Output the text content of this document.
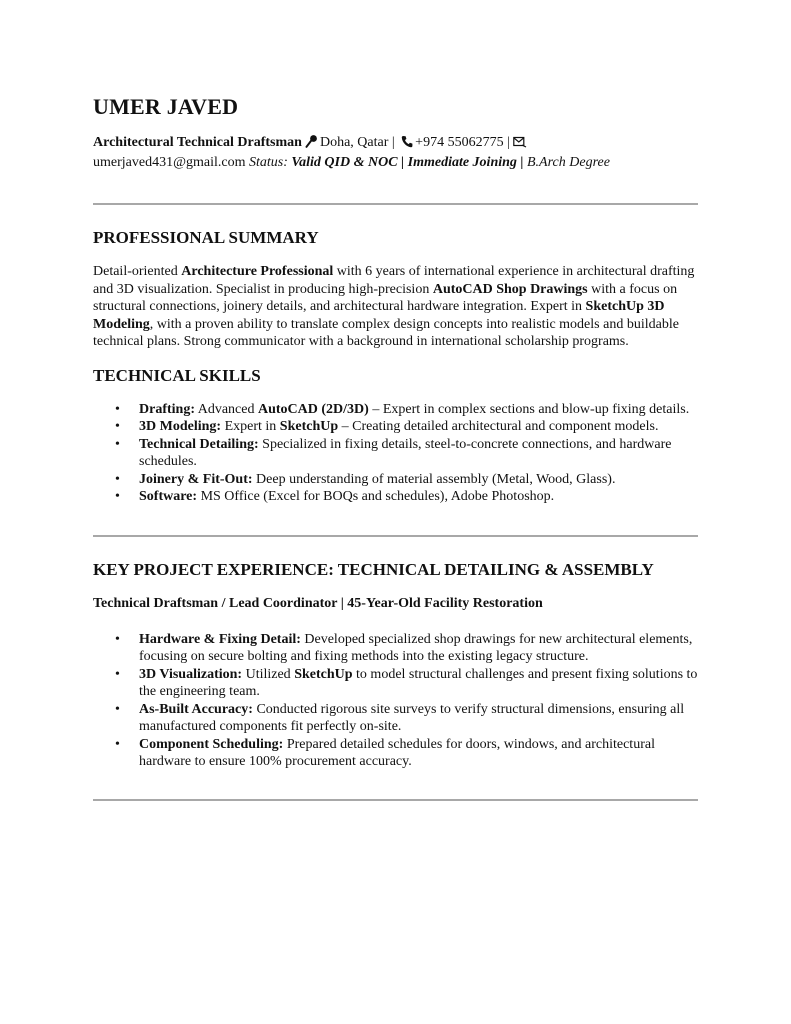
UMER JAVED
Architectural Technical Draftsman Doha, Qatar | +974 55062775 |
umerjaved431@gmail.com Status: Valid QID & NOC | Immediate Joining | B.Arch Degree
PROFESSIONAL SUMMARY
Detail-oriented Architecture Professional with 6 years of international experience in architectural drafting and 3D visualization. Specialist in producing high-precision AutoCAD Shop Drawings with a focus on structural connections, joinery details, and architectural hardware integration. Expert in SketchUp 3D Modeling, with a proven ability to translate complex design concepts into realistic models and buildable technical plans. Strong communicator with a background in international scholarship programs.
TECHNICAL SKILLS
• Drafting: Advanced AutoCAD (2D/3D) – Expert in complex sections and blow-up fixing details.
• 3D Modeling: Expert in SketchUp – Creating detailed architectural and component models.
• Technical Detailing: Specialized in fixing details, steel-to-concrete connections, and hardware schedules.
• Joinery & Fit-Out: Deep understanding of material assembly (Metal, Wood, Glass).
• Software: MS Office (Excel for BOQs and schedules), Adobe Photoshop.
KEY PROJECT EXPERIENCE: TECHNICAL DETAILING & ASSEMBLY
Technical Draftsman / Lead Coordinator | 45-Year-Old Facility Restoration
• Hardware & Fixing Detail: Developed specialized shop drawings for new architectural elements, focusing on secure bolting and fixing methods into the existing legacy structure.
• 3D Visualization: Utilized SketchUp to model structural challenges and present fixing solutions to the engineering team.
• As-Built Accuracy: Conducted rigorous site surveys to verify structural dimensions, ensuring all manufactured components fit perfectly on-site.
• Component Scheduling: Prepared detailed schedules for doors, windows, and architectural hardware to ensure 100% procurement accuracy.
